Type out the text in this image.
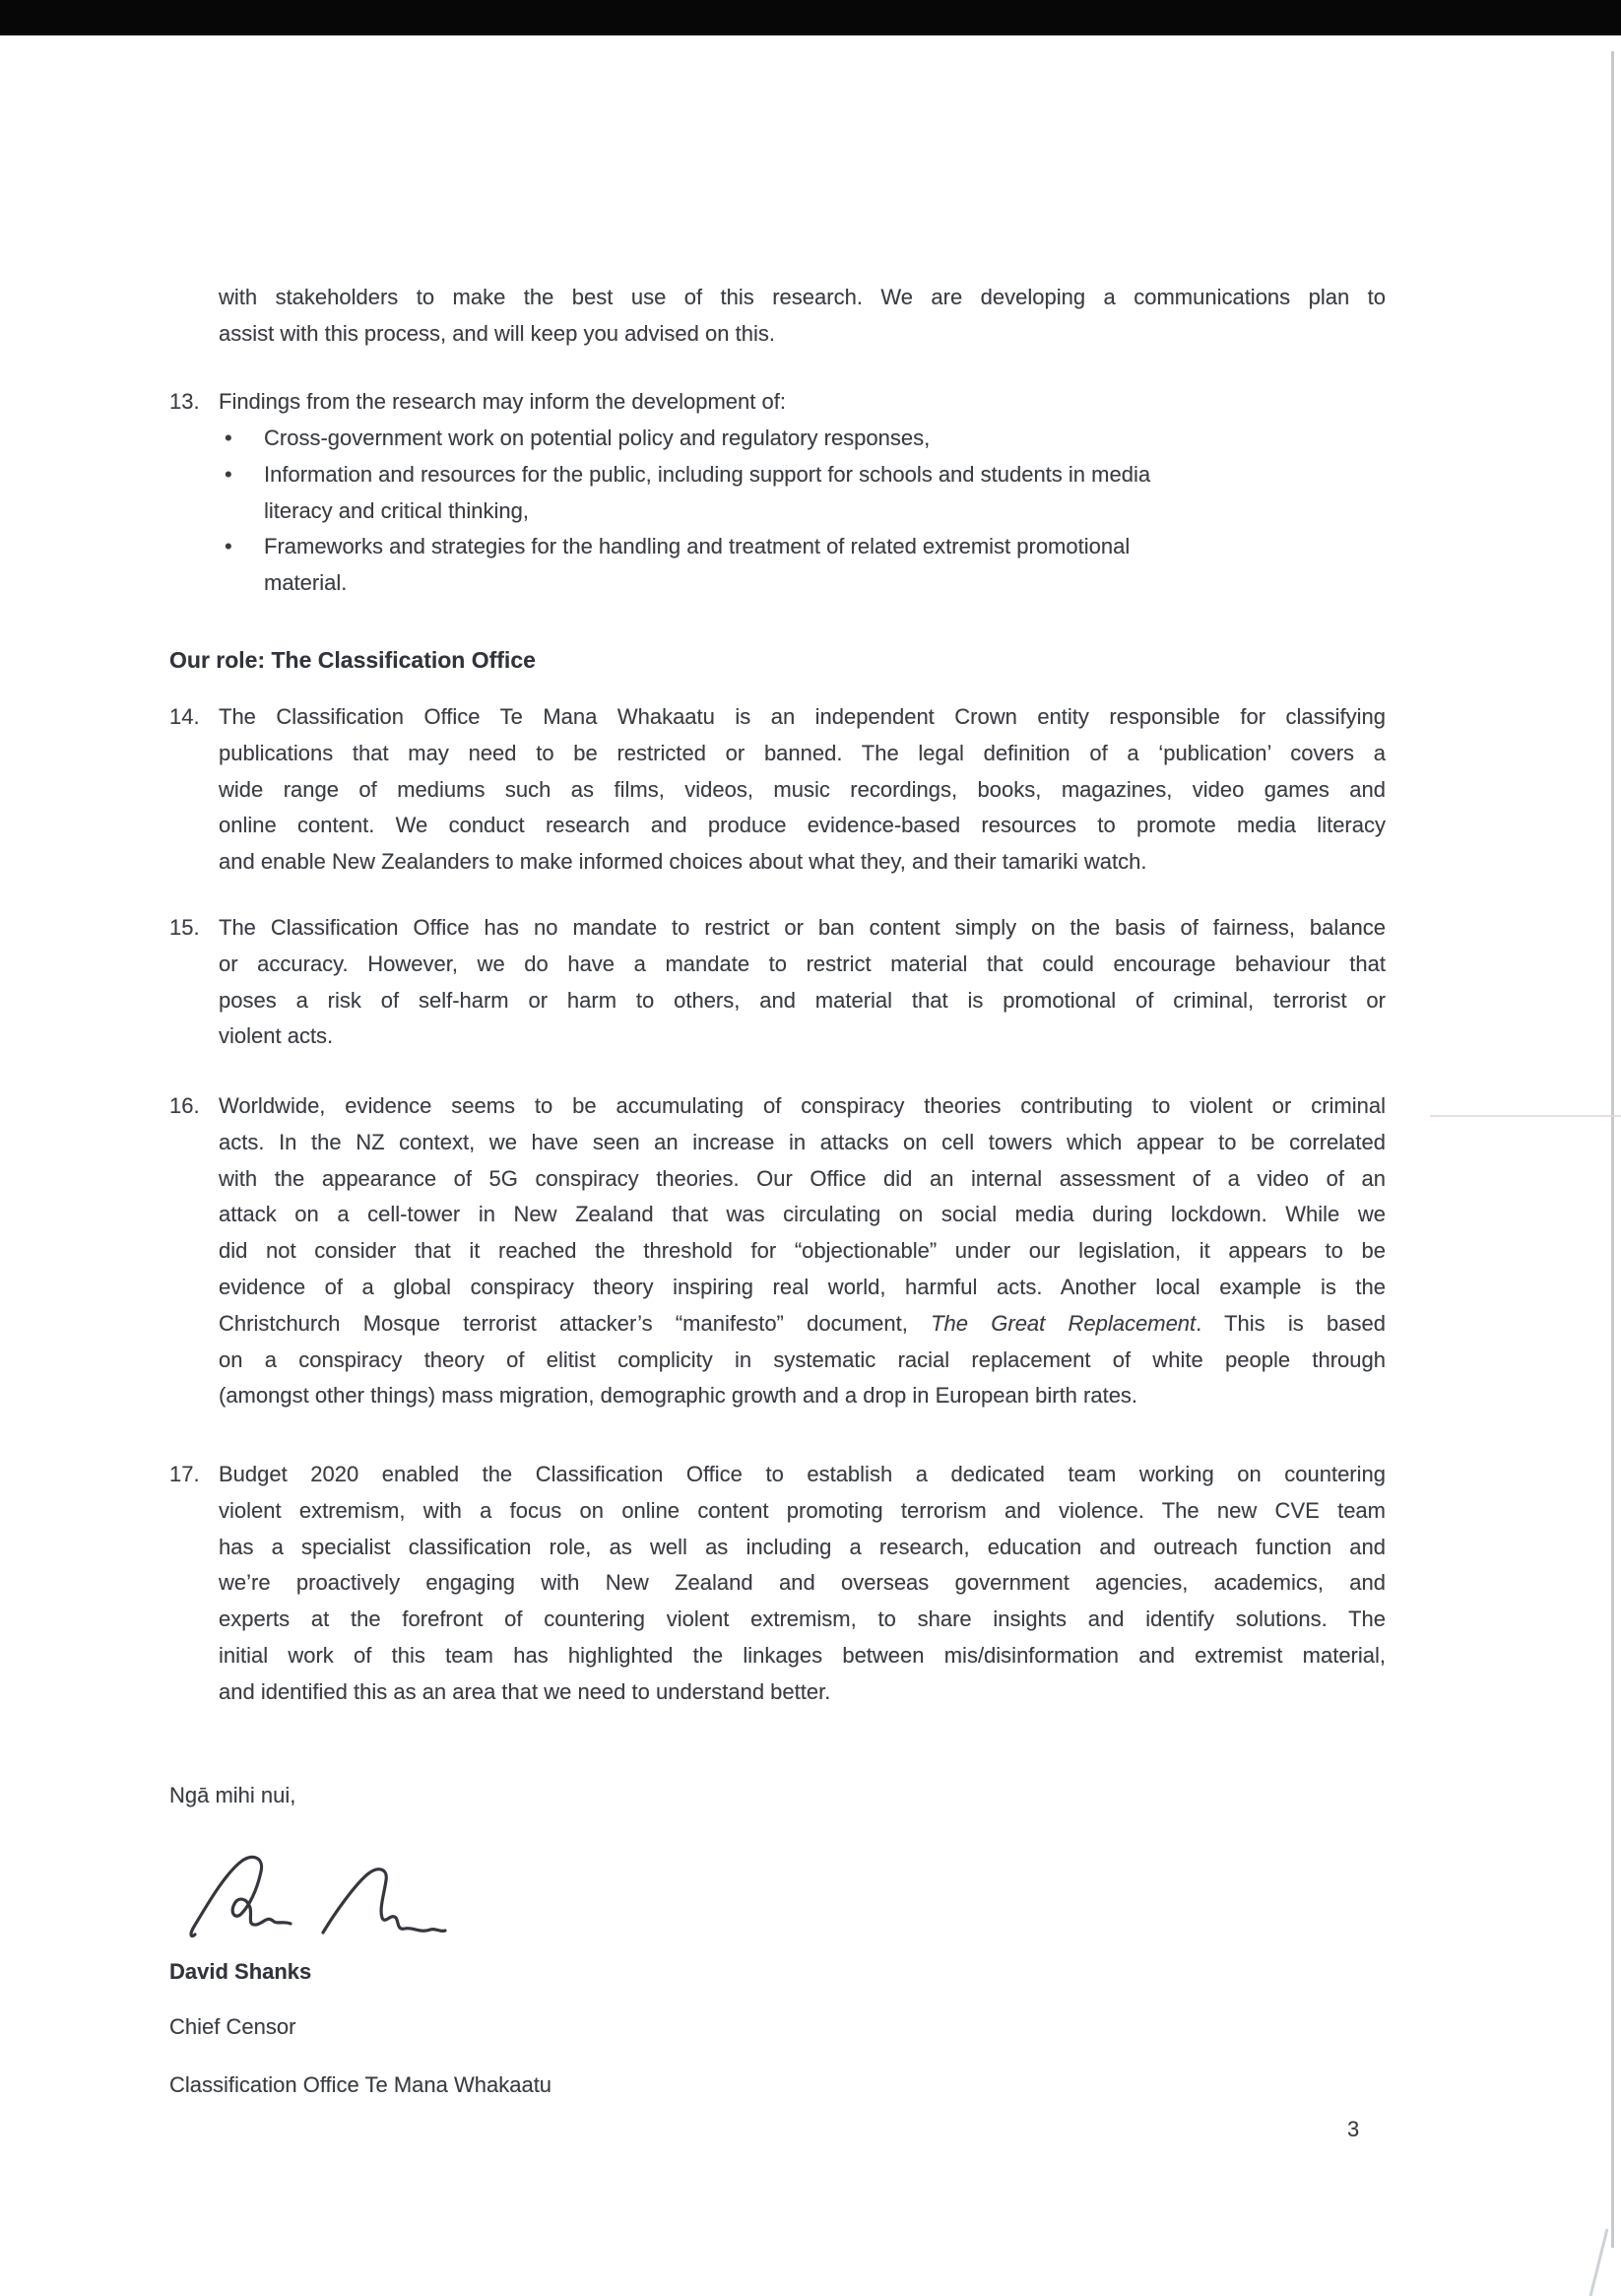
with stakeholders to make the best use of this research. We are developing a communications plan to
assist with this process, and will keep you advised on this.
13. Findings from the research may inform the development of:
•	Cross-government work on potential policy and regulatory responses,
•	Information and resources for the public, including support for schools and students in media
literacy and critical thinking,
•	Frameworks and strategies for the handling and treatment of related extremist promotional
material.
Our role: The Classification Office
14. The Classification Office Te Mana Whakaatu is an independent Crown entity responsible for classifying
publications that may need to be restricted or banned. The legal definition of a ‘publication’ covers a
wide range of mediums such as films, videos, music recordings, books, magazines, video games and
online content. We conduct research and produce evidence-based resources to promote media literacy
and enable New Zealanders to make informed choices about what they, and their tamariki watch.
15. The Classification Office has no mandate to restrict or ban content simply on the basis of fairness, balance
or accuracy. However, we do have a mandate to restrict material that could encourage behaviour that
poses a risk of self-harm or harm to others, and material that is promotional of criminal, terrorist or
violent acts.
16. Worldwide, evidence seems to be accumulating of conspiracy theories contributing to violent or criminal
acts. In the NZ context, we have seen an increase in attacks on cell towers which appear to be correlated
with the appearance of 5G conspiracy theories. Our Office did an internal assessment of a video of an
attack on a cell-tower in New Zealand that was circulating on social media during lockdown. While we
did not consider that it reached the threshold for “objectionable” under our legislation, it appears to be
evidence of a global conspiracy theory inspiring real world, harmful acts. Another local example is the
Christchurch Mosque terrorist attacker’s “manifesto” document, The Great Replacement. This is based
on a conspiracy theory of elitist complicity in systematic racial replacement of white people through
(amongst other things) mass migration, demographic growth and a drop in European birth rates.
17. Budget 2020 enabled the Classification Office to establish a dedicated team working on countering
violent extremism, with a focus on online content promoting terrorism and violence. The new CVE team
has a specialist classification role, as well as including a research, education and outreach function and
we’re proactively engaging with New Zealand and overseas government agencies, academics, and
experts at the forefront of countering violent extremism, to share insights and identify solutions. The
initial work of this team has highlighted the linkages between mis/disinformation and extremist material,
and identified this as an area that we need to understand better.
Ngā mihi nui,
David Shanks
Chief Censor
Classification Office Te Mana Whakaatu
3
